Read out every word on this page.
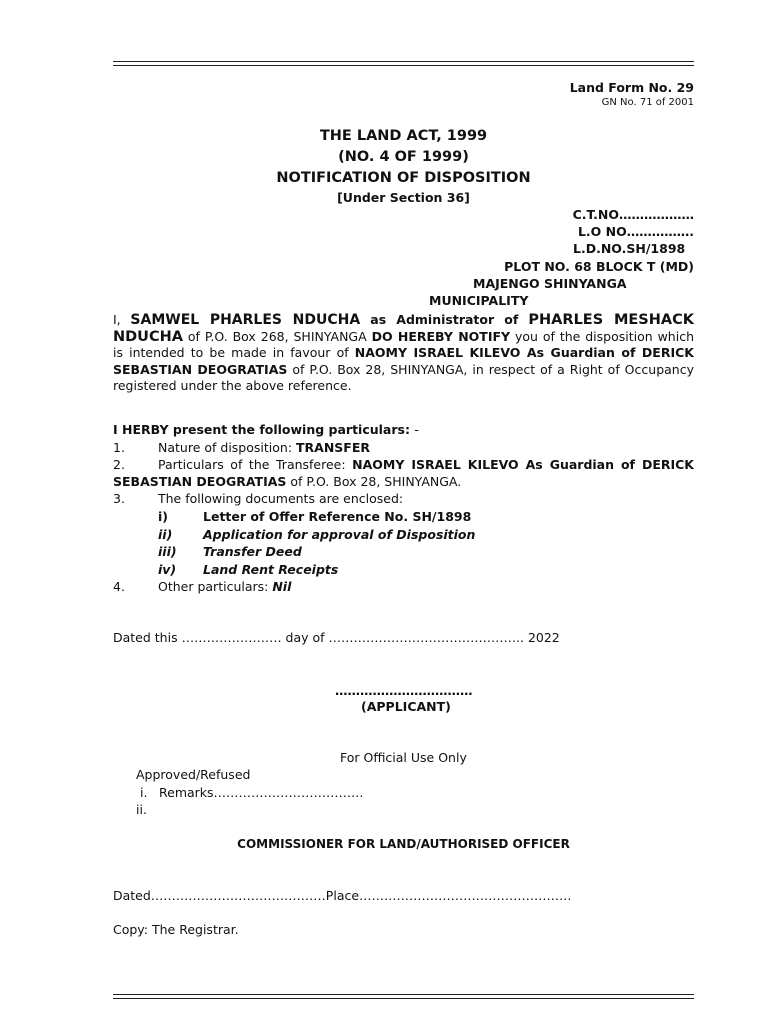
Land Form No. 29
GN No. 71 of 2001
THE LAND ACT, 1999
(NO. 4 OF 1999)
NOTIFICATION OF DISPOSITION
[Under Section 36]
C.T.NO………………
L.O NO…………….
L.D.NO.SH/1898
PLOT NO. 68 BLOCK T (MD)
MAJENGO SHINYANGA
MUNICIPALITY
I, SAMWEL PHARLES NDUCHA as Administrator of PHARLES MESHACK NDUCHA of P.O. Box 268, SHINYANGA DO HEREBY NOTIFY you of the disposition which is intended to be made in favour of NAOMY ISRAEL KILEVO As Guardian of DERICK SEBASTIAN DEOGRATIAS of P.O. Box 28, SHINYANGA, in respect of a Right of Occupancy registered under the above reference.
I HERBY present the following particulars: -
1.	Nature of disposition: TRANSFER
2.	Particulars of the Transferee: NAOMY ISRAEL KILEVO As Guardian of DERICK SEBASTIAN DEOGRATIAS of P.O. Box 28, SHINYANGA.
3.	The following documents are enclosed:
i)	Letter of Offer Reference No. SH/1898
ii) Application for approval of Disposition
iii) Transfer Deed
iv) Land Rent Receipts
4.	Other particulars: Nil
Dated this …………………… day of ……………………………………….. 2022
……………………………
(APPLICANT)
For Official Use Only
Approved/Refused
i. Remarks………………………………
ii.
COMMISSIONER FOR LAND/AUTHORISED OFFICER
Dated……………………………………Place……………………………………………
Copy: The Registrar.
